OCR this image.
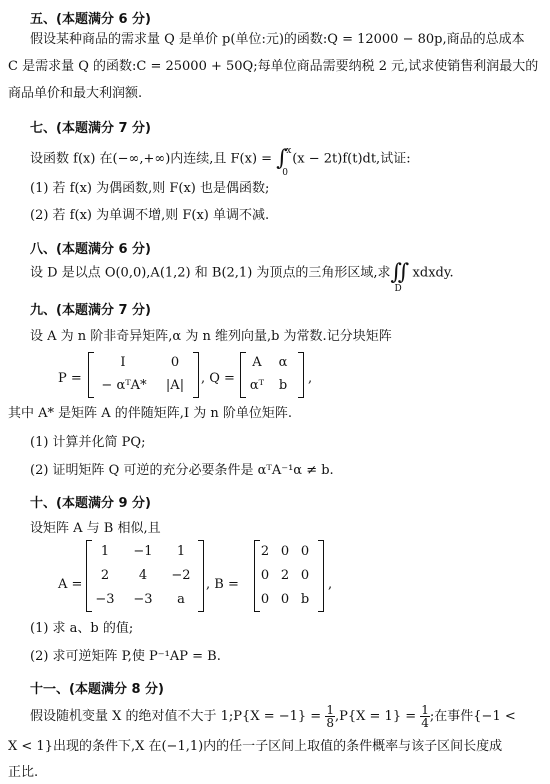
五、(本题满分 6 分)
假设某种商品的需求量 Q 是单价 p(单位:元)的函数:Q = 12000 − 80p,商品的总成本
C 是需求量 Q 的函数:C = 25000 + 50Q;每单位商品需要纳税 2 元,试求使销售利润最大的
商品单价和最大利润额.
七、(本题满分 7 分)
设函数 f(x) 在(−∞,+∞)内连续,且 F(x) = ∫
x
0
(x − 2t)f(t)dt,试证:
(1) 若 f(x) 为偶函数,则 F(x) 也是偶函数;
(2) 若 f(x) 为单调不增,则 F(x) 单调不减.
八、(本题满分 6 分)
设 D 是以点 O(0,0),A(1,2) 和 B(2,1) 为顶点的三角形区域,求∬
D
xdxdy.
九、(本题满分 7 分)
设 A 为 n 阶非奇异矩阵,α 为 n 维列向量,b 为常数.记分块矩阵
P =
I	0
− αᵀA*	|A|	, Q =
A	α
αᵀ	b	,
其中 A* 是矩阵 A 的伴随矩阵,I 为 n 阶单位矩阵.
(1) 计算并化简 PQ;
(2) 证明矩阵 Q 可逆的充分必要条件是 αᵀA⁻¹α ≠ b.
十、(本题满分 9 分)
设矩阵 A 与 B 相似,且
A =
1	−1	1
2	4	−2
−3	−3	a
, B =
2 0 0
0 2 0
0 0 b
,
(1) 求 a、b 的值;
(2) 求可逆矩阵 P,使 P⁻¹AP = B.
十一、(本题满分 8 分)
假设随机变量 X 的绝对值不大于 1;P{X = $-1\} = \frac{1}{8} ,P\{X = 1\} = \frac{1}{4}$ ;在事件{−1 <
X < 1}出现的条件下,X 在(−1,1)内的任一子区间上取值的条件概率与该子区间长度成
正比.
